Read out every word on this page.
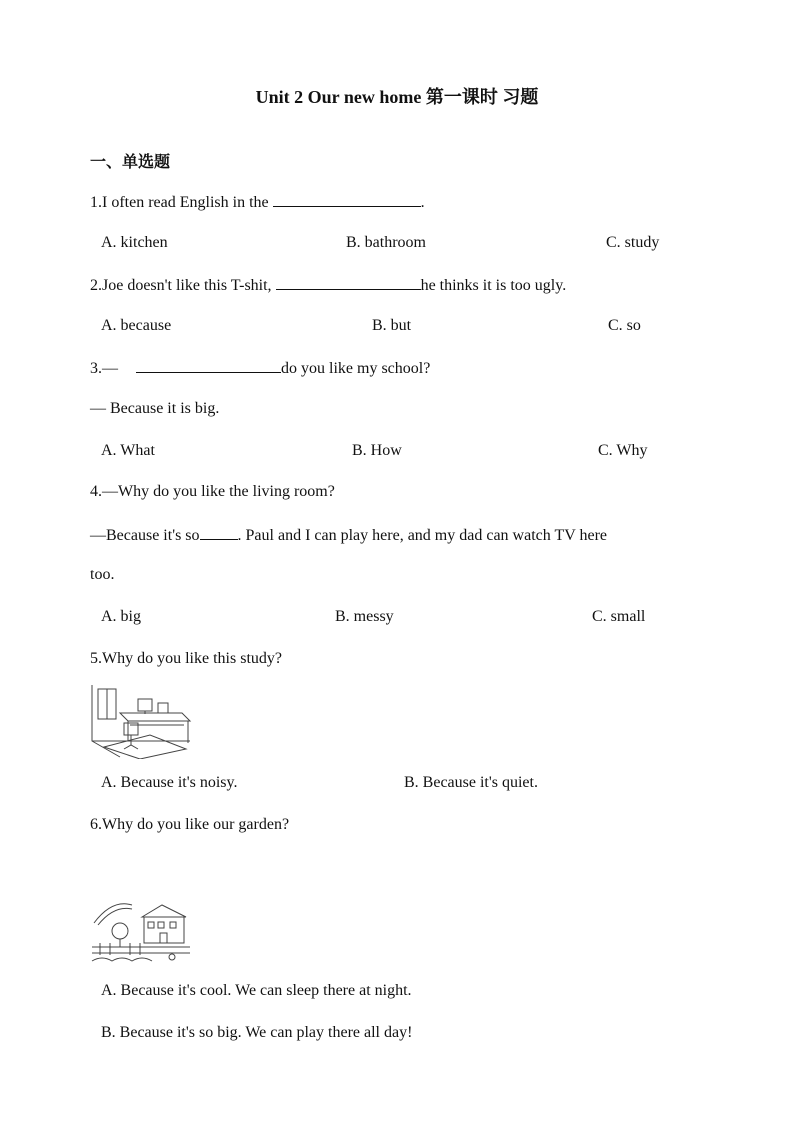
Unit 2 Our new home 第一课时 习题
一、单选题
1.I often read English in the	.
A. kitchen	B. bathroom	C. study
2.Joe doesn't like this T-shit,	he thinks it is too ugly.
A. because	B. but	C. so
3.—	do you like my school?
— Because it is big.
A. What	B. How	C. Why
4.—Why do you like the living room?
—Because it's so . Paul and I can play here, and my dad can watch TV here
too.
A. big	B. messy	C. small
5.Why do you like this study?
A. Because it's noisy.	B. Because it's quiet.
6.Why do you like our garden?
A. Because it's cool. We can sleep there at night.
B. Because it's so big. We can play there all day!
